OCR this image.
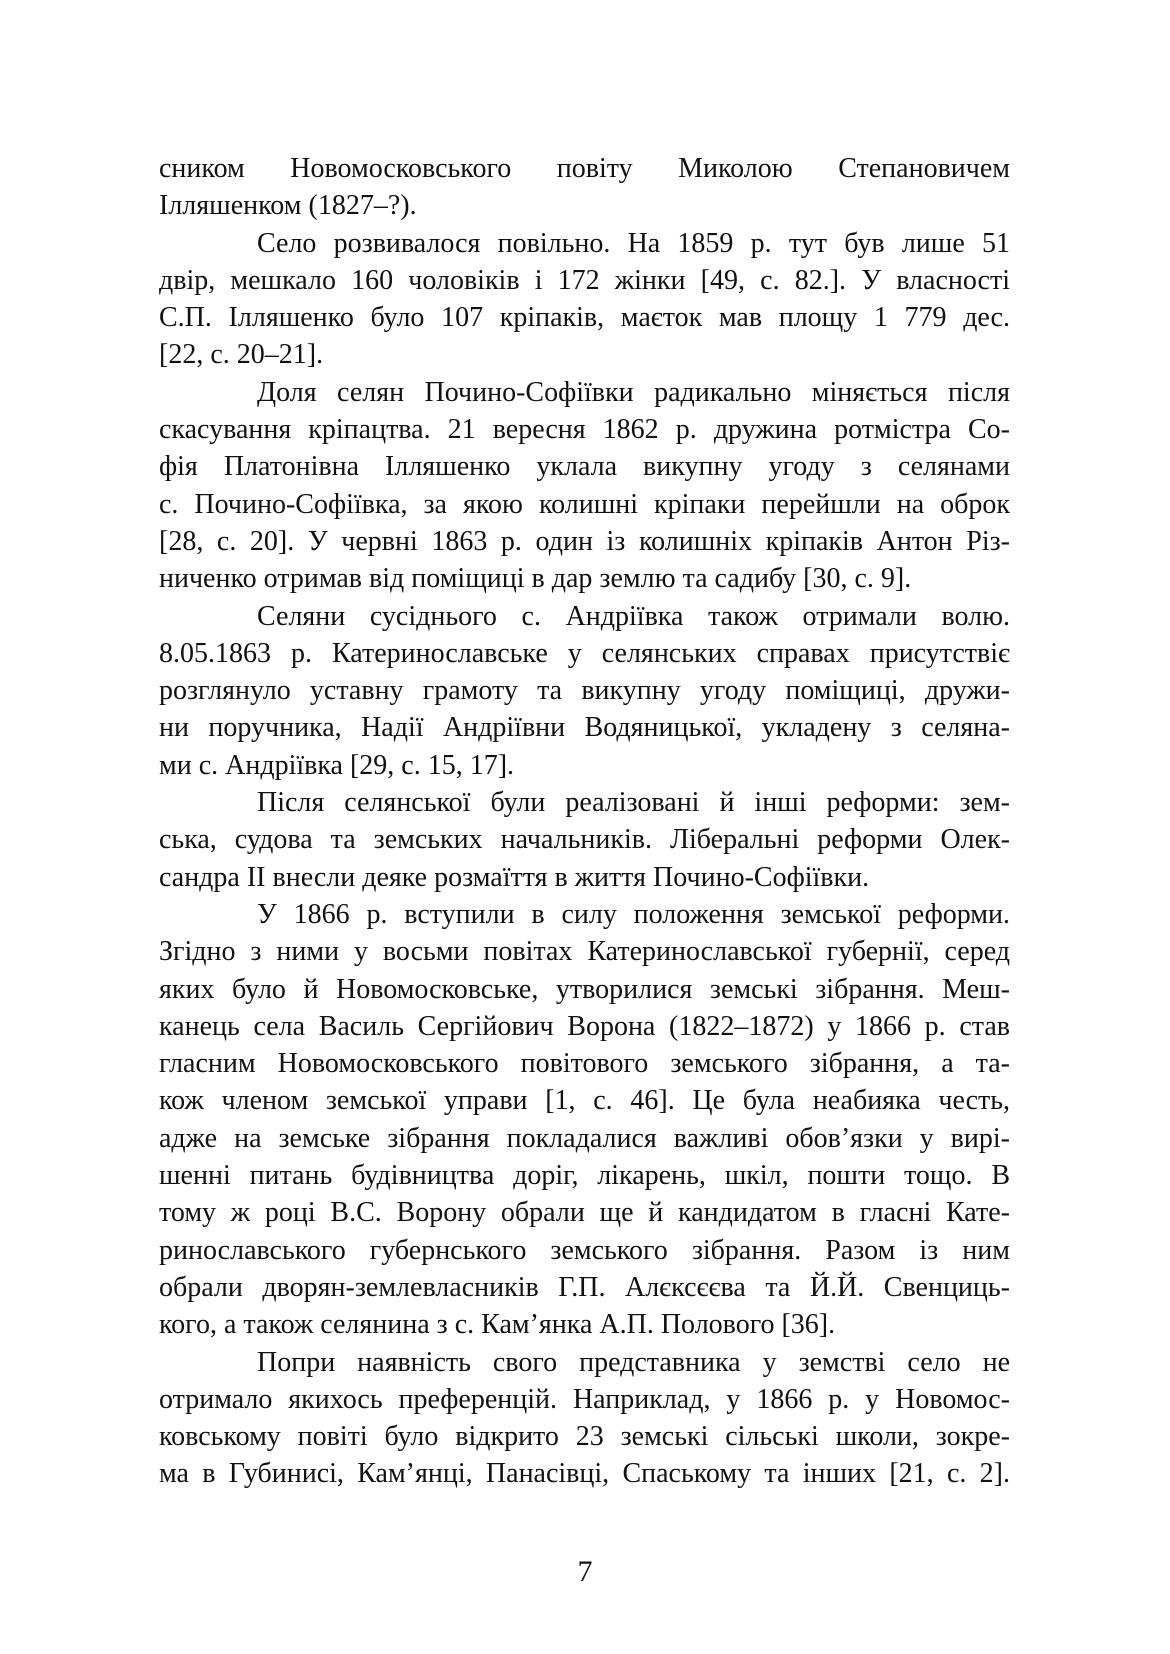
сником Новомосковського повіту Миколою Степановичем
Ілляшенком (1827–?).
Село розвивалося повільно. На 1859 р. тут був лише 51
двір, мешкало 160 чоловіків і 172 жінки [49, с. 82.]. У власності
С.П. Ілляшенко було 107 кріпаків, маєток мав площу 1 779 дес.
[22, с. 20–21].
Доля селян Почино-Софіївки радикально міняється після
скасування кріпацтва. 21 вересня 1862 р. дружина ротмістра Со-
фія Платонівна Ілляшенко уклала викупну угоду з селянами
с. Почино-Софіївка, за якою колишні кріпаки перейшли на оброк
[28, с. 20]. У червні 1863 р. один із колишніх кріпаків Антон Різ-
ниченко отримав від поміщиці в дар землю та садибу [30, с. 9].
Селяни сусіднього с. Андріївка також отримали волю.
8.05.1863 р. Катеринославське у селянських справах присутствіє
розглянуло уставну грамоту та викупну угоду поміщиці, дружи-
ни поручника, Надії Андріївни Водяницької, укладену з селяна-
ми с. Андріївка [29, с. 15, 17].
Після селянської були реалізовані й інші реформи: зем-
ська, судова та земських начальників. Ліберальні реформи Олек-
сандра ІІ внесли деяке розмаїття в життя Почино-Софіївки.
У 1866 р. вступили в силу положення земської реформи.
Згідно з ними у восьми повітах Катеринославської губернії, серед
яких було й Новомосковське, утворилися земські зібрання. Меш-
канець села Василь Сергійович Ворона (1822–1872) у 1866 р. став
гласним Новомосковського повітового земського зібрання, а та-
кож членом земської управи [1, с. 46]. Це була неабияка честь,
адже на земське зібрання покладалися важливі обов’язки у вирі-
шенні питань будівництва доріг, лікарень, шкіл, пошти тощо. В
тому ж році В.С. Ворону обрали ще й кандидатом в гласні Кате-
ринославського губернського земського зібрання. Разом із ним
обрали дворян-землевласників Г.П. Алєксєєва та Й.Й. Свенциць-
кого, а також селянина з с. Кам’янка А.П. Полового [36].
Попри наявність свого представника у земстві село не
отримало якихось преференцій. Наприклад, у 1866 р. у Новомос-
ковському повіті було відкрито 23 земські сільські школи, зокре-
ма в Губинисі, Кам’янці, Панасівці, Спаському та інших [21, с. 2].
7
